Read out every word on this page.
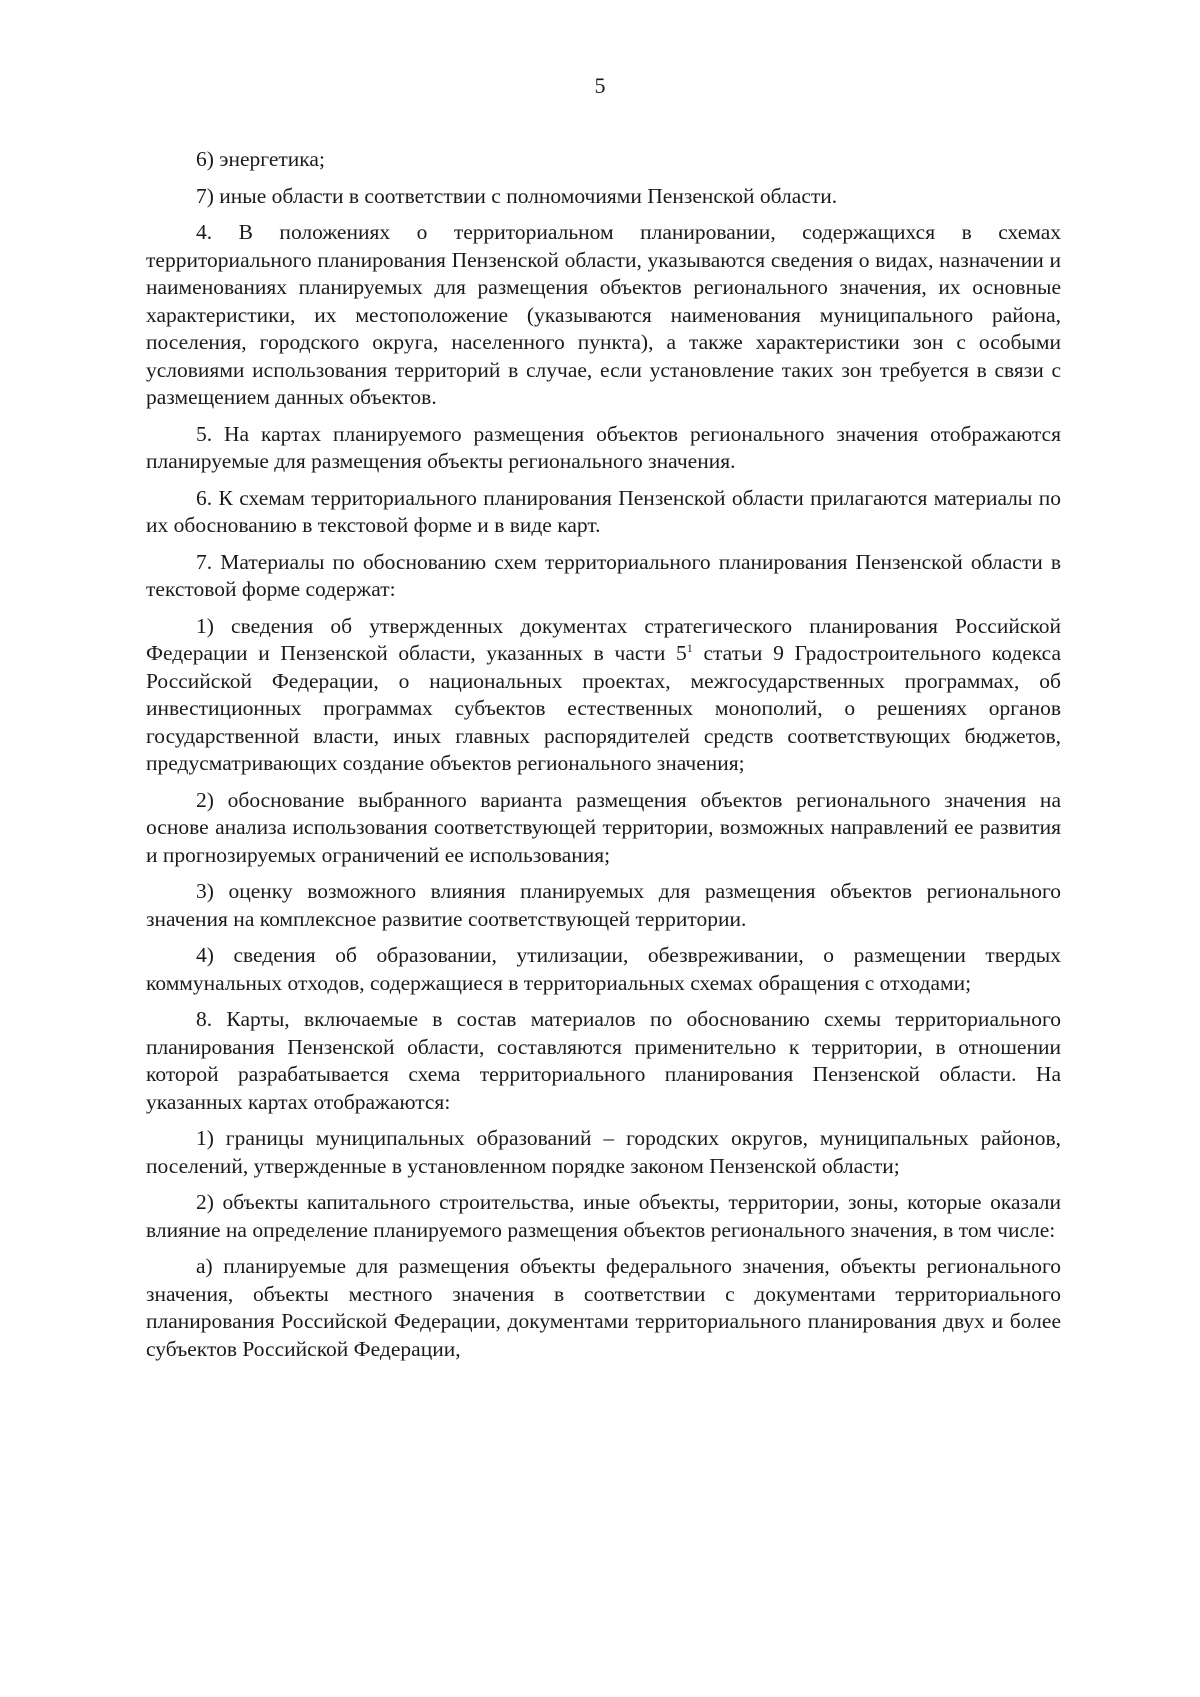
5

6) энергетика;

7) иные области в соответствии с полномочиями Пензенской области.

4. В положениях о территориальном планировании, содержащихся в схемах территориального планирования Пензенской области, указываются сведения о видах, назначении и наименованиях планируемых для размещения объектов регионального значения, их основные характеристики, их местоположение (указываются наименования муниципального района, поселения, городского округа, населенного пункта), а также характеристики зон с особыми условиями использования территорий в случае, если установление таких зон требуется в связи с размещением данных объектов.

5. На картах планируемого размещения объектов регионального значения отображаются планируемые для размещения объекты регионального значения.

6. К схемам территориального планирования Пензенской области прилагаются материалы по их обоснованию в текстовой форме и в виде карт.

7. Материалы по обоснованию схем территориального планирования Пензенской области в текстовой форме содержат:

1) сведения об утвержденных документах стратегического планирования Российской Федерации и Пензенской области, указанных в части $5^1$ статьи 9 Градостроительного кодекса Российской Федерации, о национальных проектах, межгосударственных программах, об инвестиционных программах субъектов естественных монополий, о решениях органов государственной власти, иных главных распорядителей средств соответствующих бюджетов, предусматривающих создание объектов регионального значения;

2) обоснование выбранного варианта размещения объектов регионального значения на основе анализа использования соответствующей территории, возможных направлений ее развития и прогнозируемых ограничений ее использования;

3) оценку возможного влияния планируемых для размещения объектов регионального значения на комплексное развитие соответствующей территории.

4) сведения об образовании, утилизации, обезвреживании, о размещении твердых коммунальных отходов, содержащиеся в территориальных схемах обращения с отходами;

8. Карты, включаемые в состав материалов по обоснованию схемы территориального планирования Пензенской области, составляются применительно к территории, в отношении которой разрабатывается схема территориального планирования Пензенской области. На указанных картах отображаются:

1) границы муниципальных образований – городских округов, муниципальных районов, поселений, утвержденные в установленном порядке законом Пензенской области;

2) объекты капитального строительства, иные объекты, территории, зоны, которые оказали влияние на определение планируемого размещения объектов регионального значения, в том числе:

а) планируемые для размещения объекты федерального значения, объекты регионального значения, объекты местного значения в соответствии с документами территориального планирования Российской Федерации, документами территориального планирования двух и более субъектов Российской Федерации,
